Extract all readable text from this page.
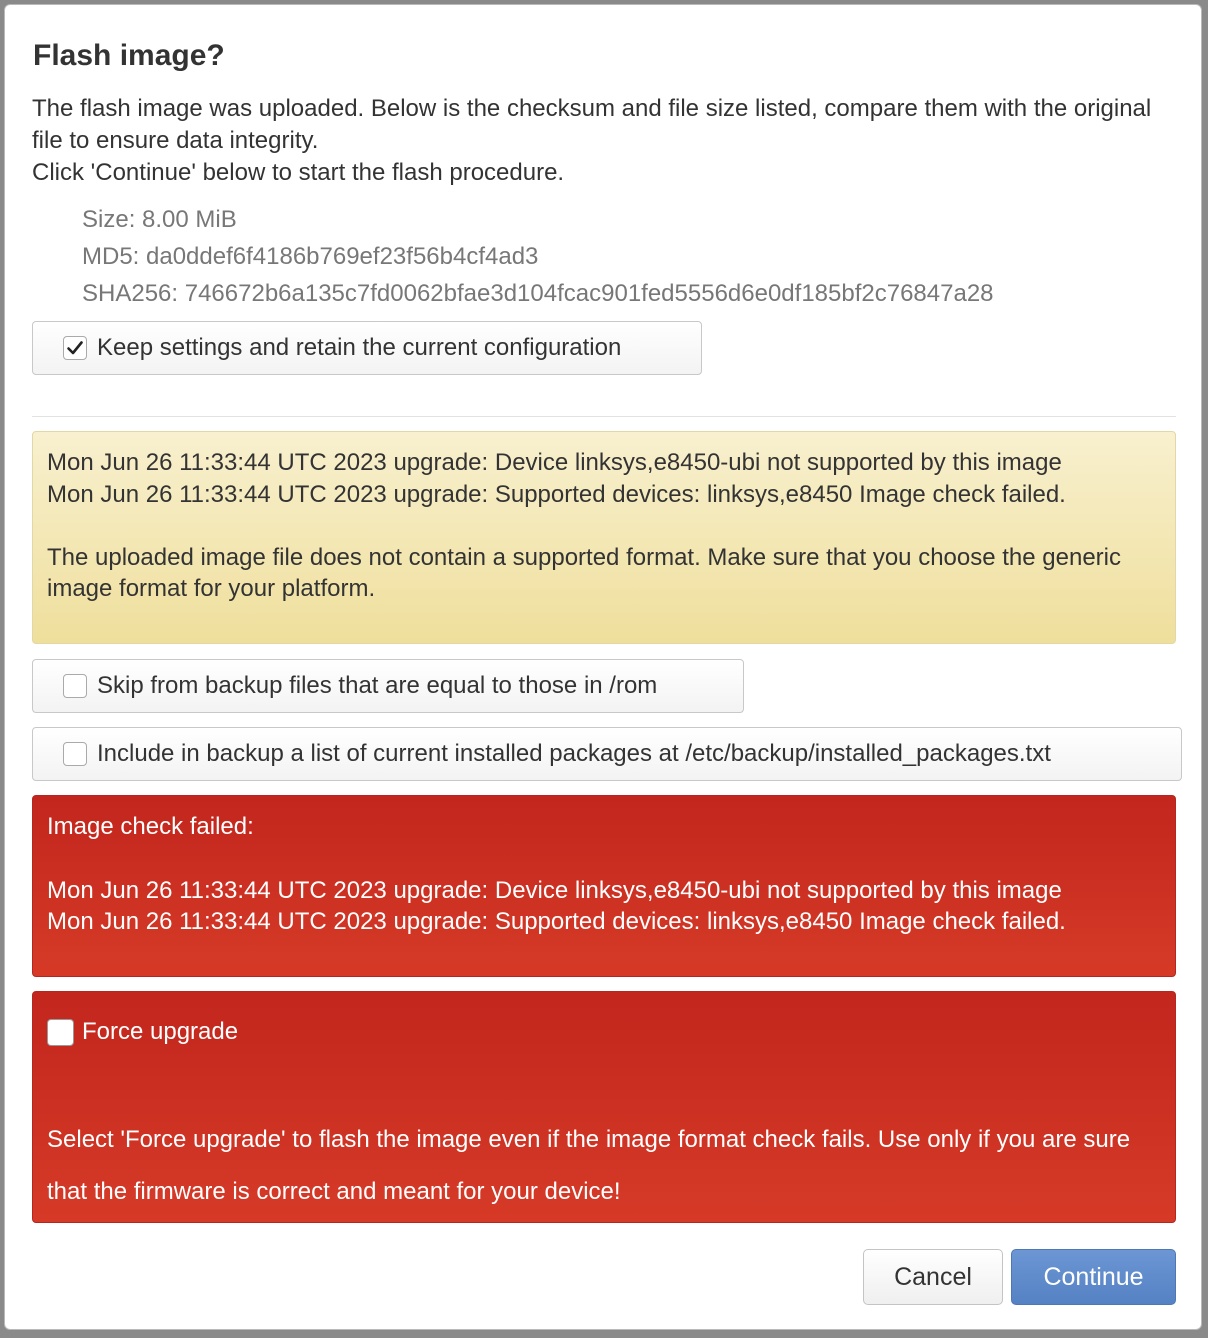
Flash image?

The flash image was uploaded. Below is the checksum and file size listed, compare them with the original file to ensure data integrity.

Click 'Continue' below to start the flash procedure.

Size: 8.00 MiB
MD5: da0ddef6f4186b769ef23f56b4cf4ad3
SHA256: 746672b6a135c7fd0062bfae3d104fcac901fed5556d6e0df185bf2c76847a28
Keep settings and retain the current configuration

Mon Jun 26 11:33:44 UTC 2023 upgrade: Device linksys,e8450-ubi not supported by this image

Mon Jun 26 11:33:44 UTC 2023 upgrade: Supported devices: linksys,e8450 Image check failed.

The uploaded image file does not contain a supported format. Make sure that you choose the generic image format for your platform.

Skip from backup files that are equal to those in /rom
Include in backup a list of current installed packages at /etc/backup/installed_packages.txt

Image check failed:

Mon Jun 26 11:33:44 UTC 2023 upgrade: Device linksys,e8450-ubi not supported by this image

Mon Jun 26 11:33:44 UTC 2023 upgrade: Supported devices: linksys,e8450 Image check failed.

Force upgrade

Select 'Force upgrade' to flash the image even if the image format check fails. Use only if you are sure that the firmware is correct and meant for your device!

Cancel	Continue
